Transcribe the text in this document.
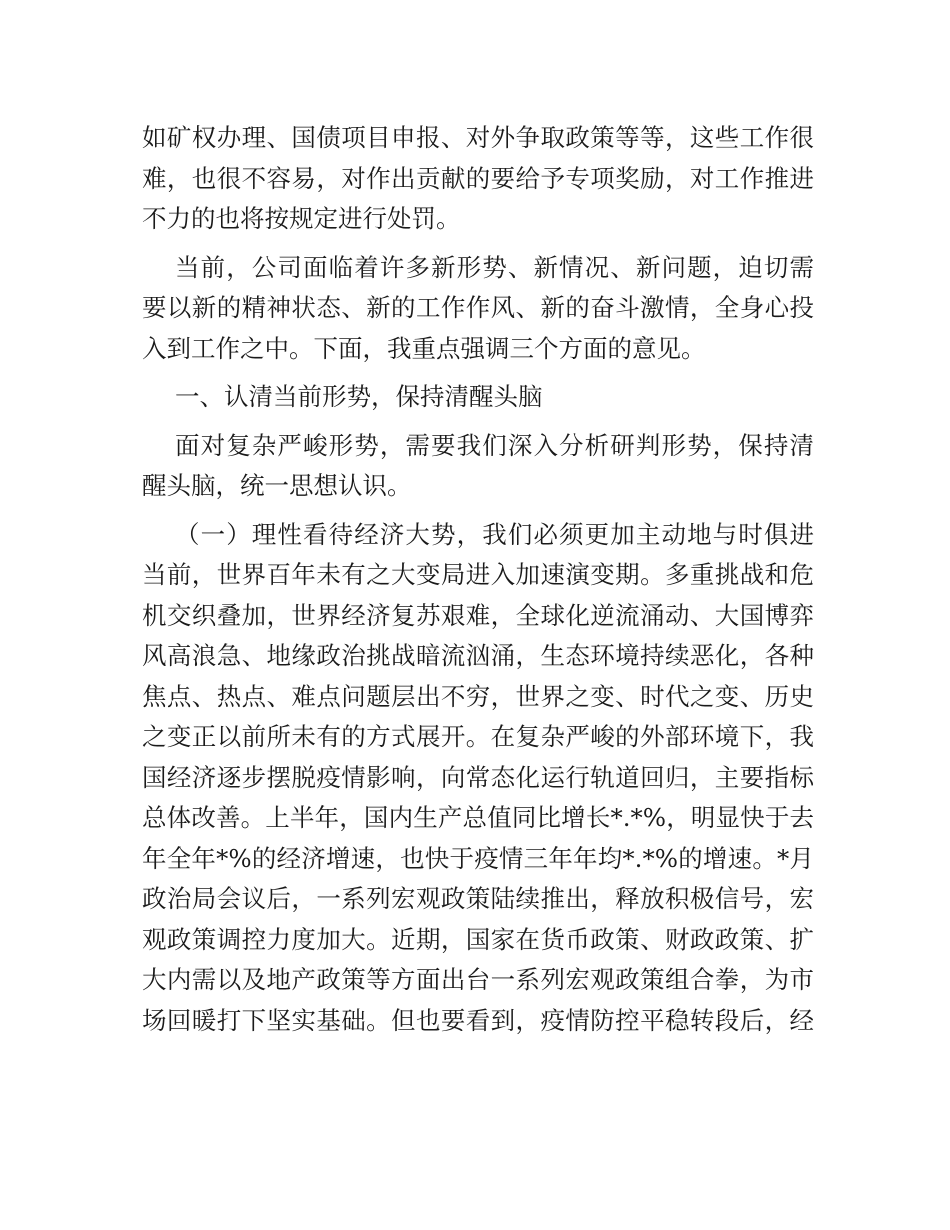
如矿权办理、国债项目申报、对外争取政策等等，这些工作很
难，也很不容易，对作出贡献的要给予专项奖励，对工作推进
不力的也将按规定进行处罚。
当前，公司面临着许多新形势、新情况、新问题，迫切需
要以新的精神状态、新的工作作风、新的奋斗激情，全身心投
入到工作之中。下面，我重点强调三个方面的意见。
一、认清当前形势，保持清醒头脑
面对复杂严峻形势，需要我们深入分析研判形势，保持清
醒头脑，统一思想认识。
（一）理性看待经济大势，我们必须更加主动地与时俱进
当前，世界百年未有之大变局进入加速演变期。多重挑战和危
机交织叠加，世界经济复苏艰难，全球化逆流涌动、大国博弈
风高浪急、地缘政治挑战暗流汹涌，生态环境持续恶化，各种
焦点、热点、难点问题层出不穷，世界之变、时代之变、历史
之变正以前所未有的方式展开。在复杂严峻的外部环境下，我
国经济逐步摆脱疫情影响，向常态化运行轨道回归，主要指标
总体改善。上半年，国内生产总值同比增长*.*%，明显快于去
年全年*%的经济增速，也快于疫情三年年均*.*%的增速。*月
政治局会议后，一系列宏观政策陆续推出，释放积极信号，宏
观政策调控力度加大。近期，国家在货币政策、财政政策、扩
大内需以及地产政策等方面出台一系列宏观政策组合拳，为市
场回暖打下坚实基础。但也要看到，疫情防控平稳转段后，经
